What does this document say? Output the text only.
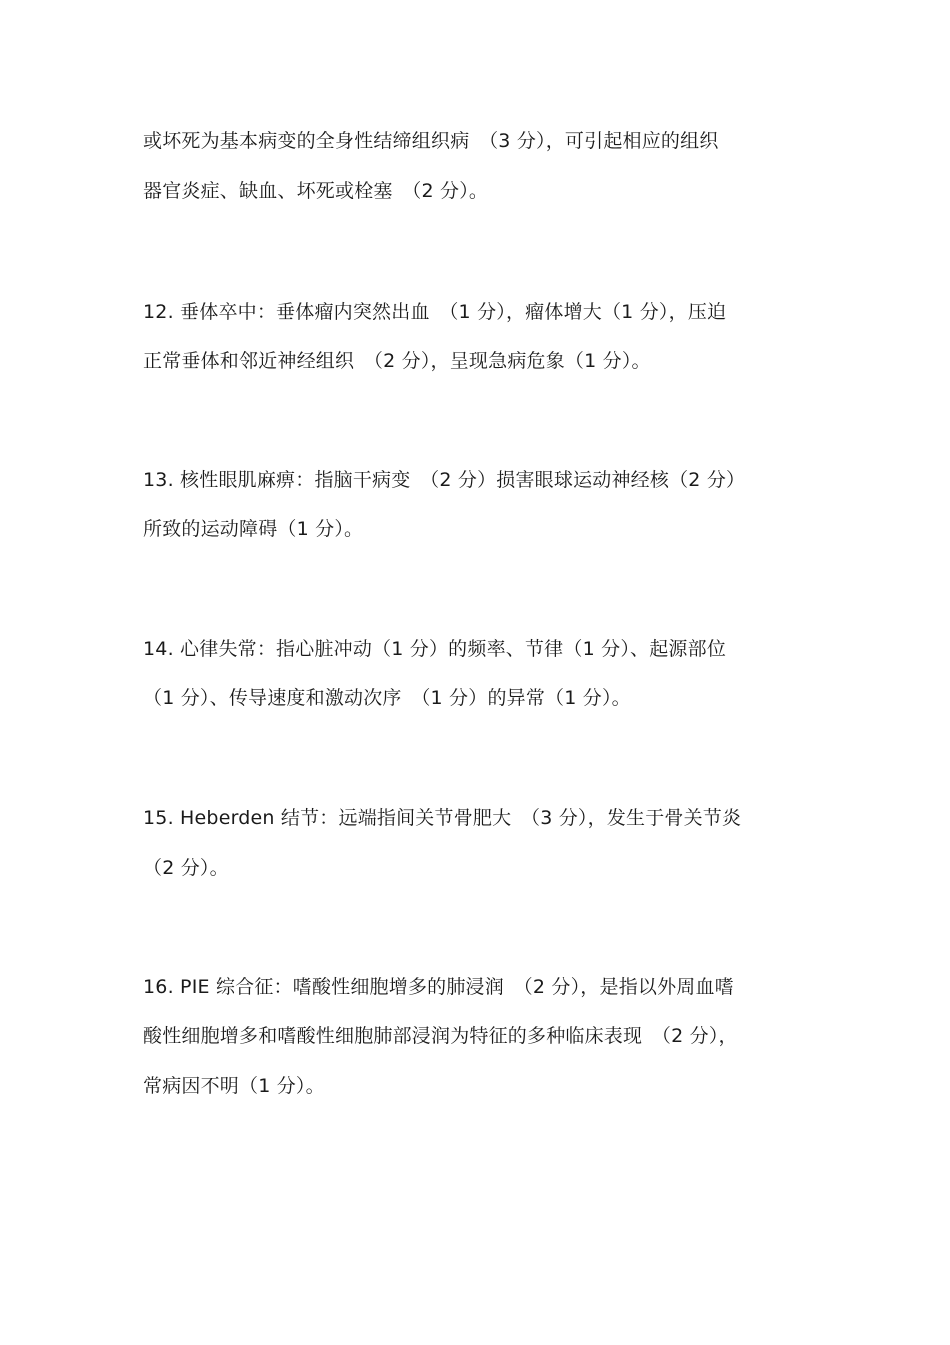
或坏死为基本病变的全身性结缔组织病　（3 分），可引起相应的组织
器官炎症、缺血、坏死或栓塞　（2 分）。
12. 垂体卒中：垂体瘤内突然出血　（1 分），瘤体增大（1 分），压迫
正常垂体和邻近神经组织　（2 分），呈现急病危象（1 分）。
13. 核性眼肌麻痹：指脑干病变　（2 分）损害眼球运动神经核（2 分）
所致的运动障碍（1 分）。
14. 心律失常：指心脏冲动（1 分）的频率、节律（1 分）、起源部位
（1 分）、传导速度和激动次序　（1 分）的异常（1 分）。
15. Heberden 结节：远端指间关节骨肥大　（3 分），发生于骨关节炎
（2 分）。
16. PIE 综合征：嗜酸性细胞增多的肺浸润　（2 分），是指以外周血嗜
酸性细胞增多和嗜酸性细胞肺部浸润为特征的多种临床表现　（2 分），
常病因不明（1 分）。
